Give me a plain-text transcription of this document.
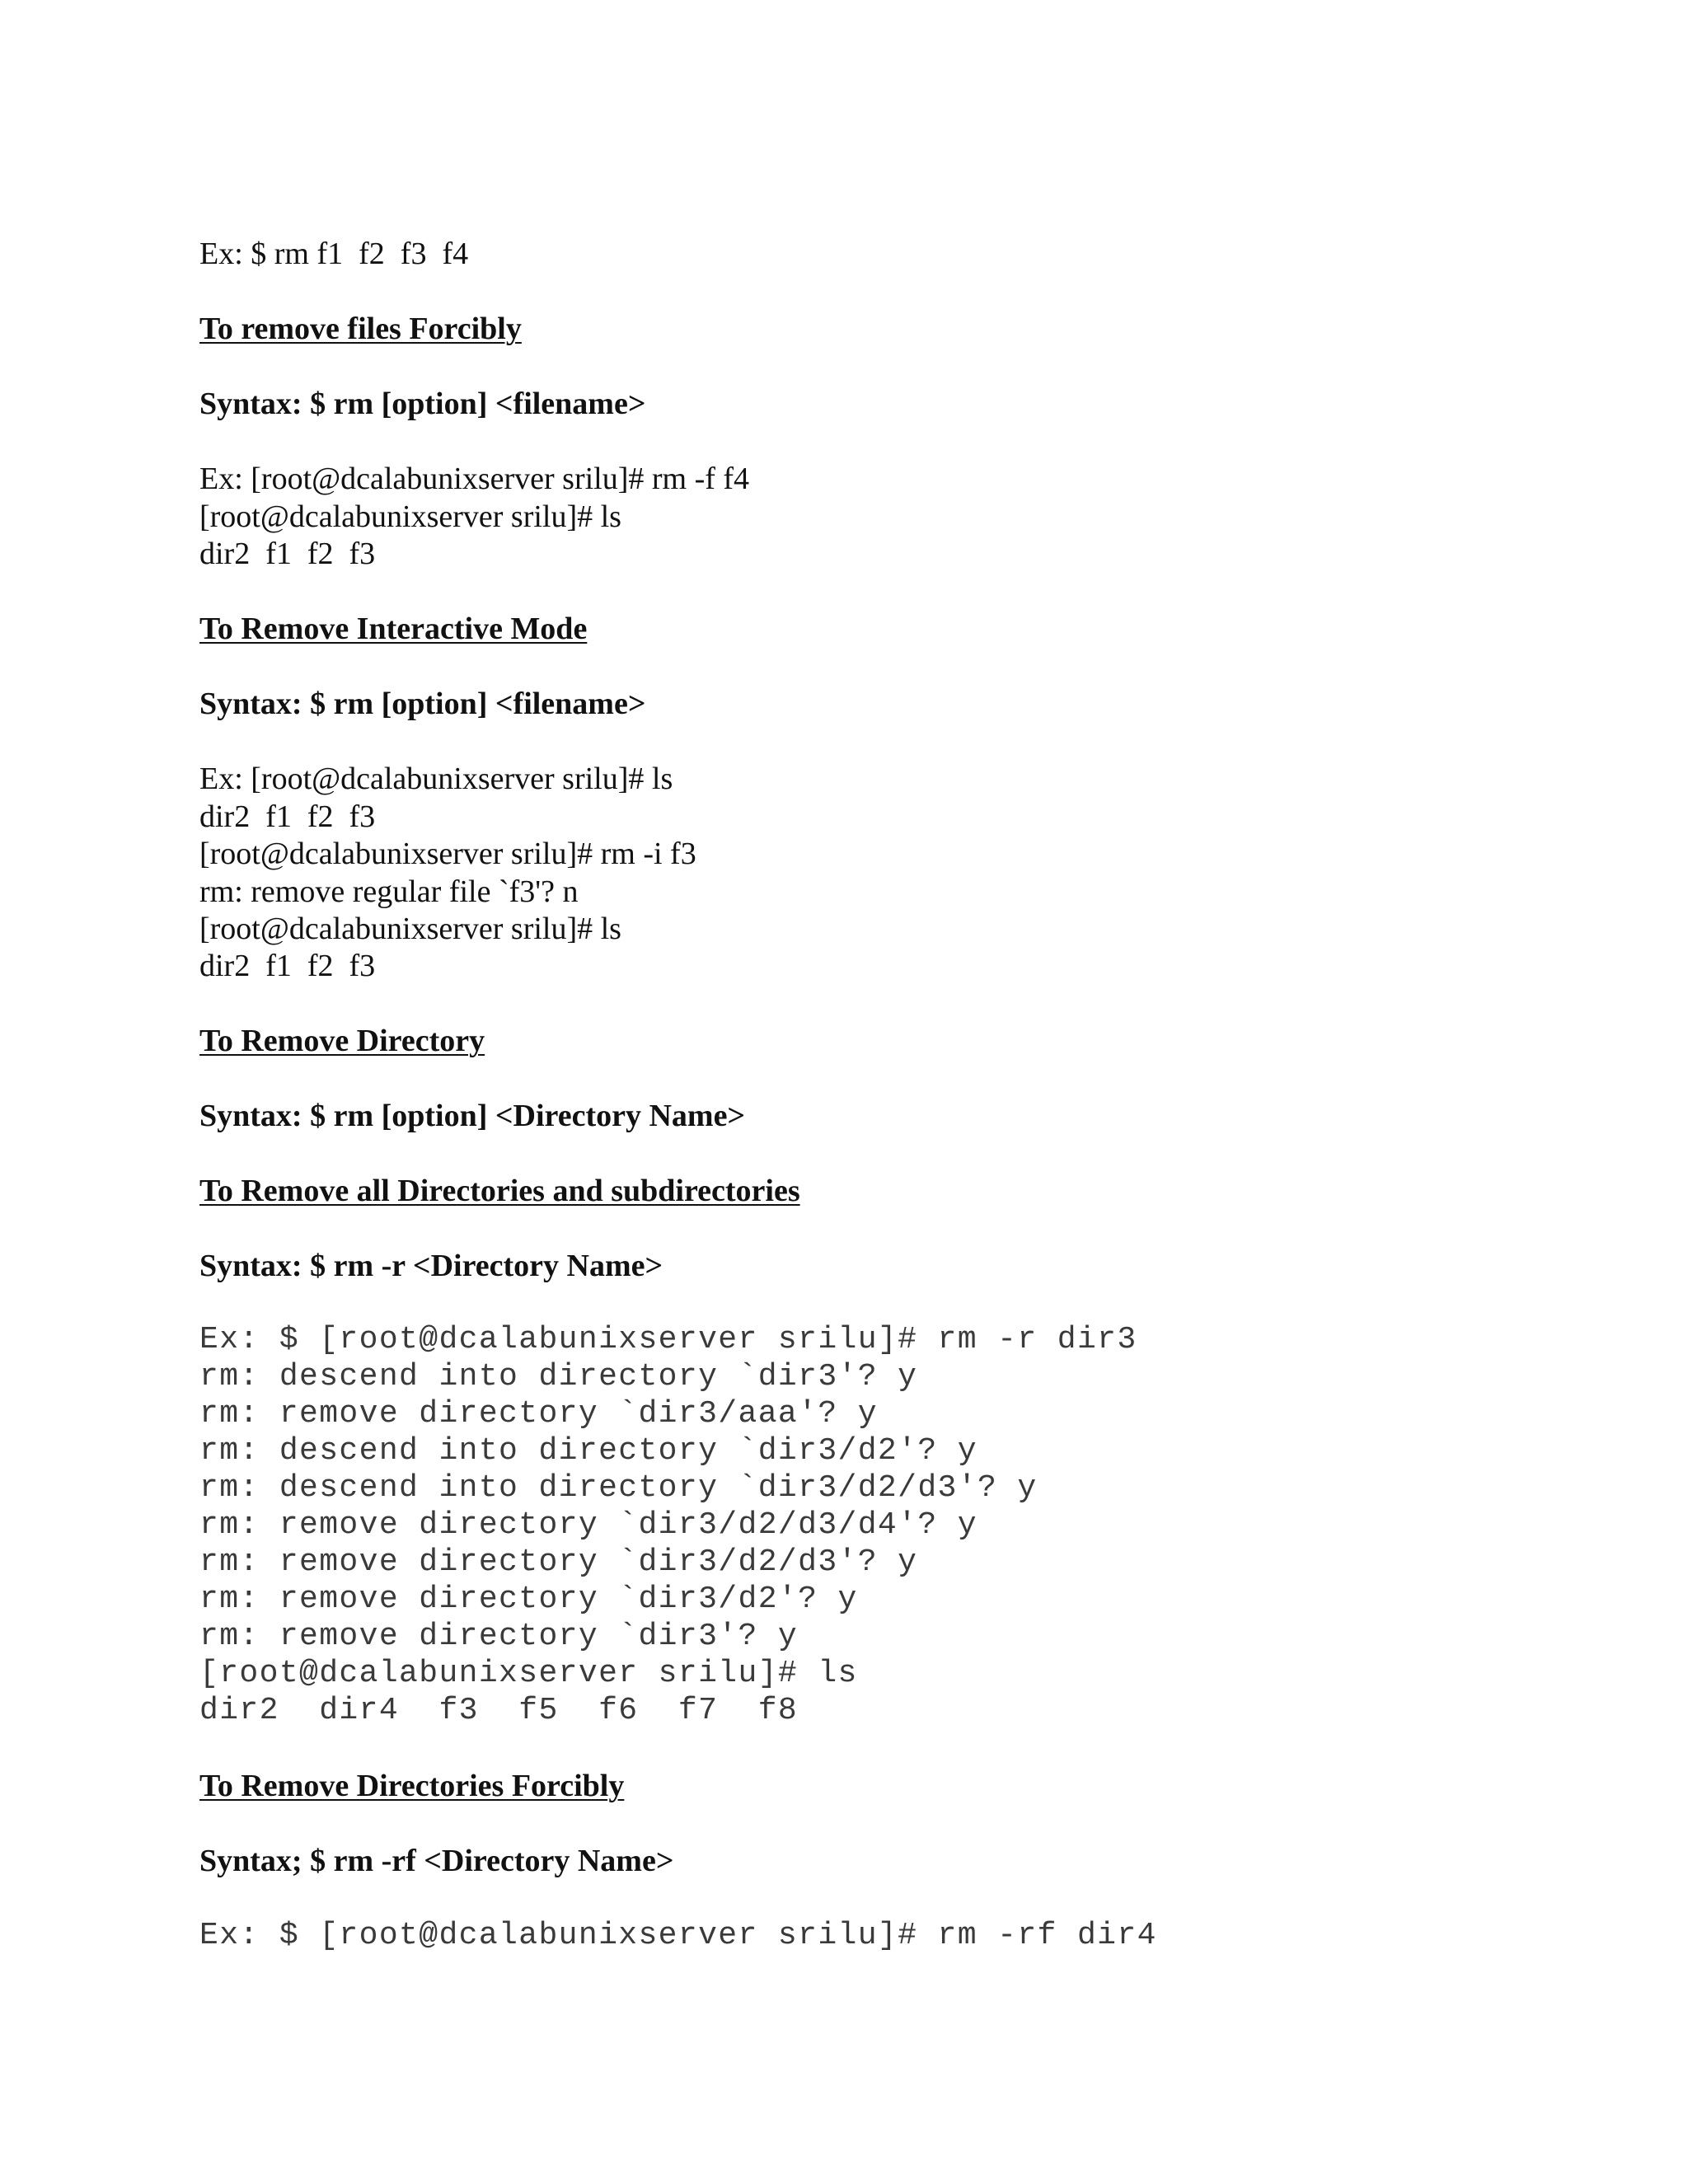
Ex: $ rm f1  f2  f3  f4
To remove files Forcibly
Syntax: $ rm [option] <filename>
Ex: [root@dcalabunixserver srilu]# rm -f f4
[root@dcalabunixserver srilu]# ls
dir2  f1  f2  f3
To Remove Interactive Mode
Syntax: $ rm [option] <filename>
Ex: [root@dcalabunixserver srilu]# ls
dir2  f1  f2  f3
[root@dcalabunixserver srilu]# rm -i f3
rm: remove regular file `f3'? n
[root@dcalabunixserver srilu]# ls
dir2  f1  f2  f3
To Remove Directory
Syntax: $ rm [option] <Directory Name>
To Remove all Directories and subdirectories
Syntax: $ rm -r <Directory Name>
Ex: $ [root@dcalabunixserver srilu]# rm -r dir3
rm: descend into directory `dir3'? y
rm: remove directory `dir3/aaa'? y
rm: descend into directory `dir3/d2'? y
rm: descend into directory `dir3/d2/d3'? y
rm: remove directory `dir3/d2/d3/d4'? y
rm: remove directory `dir3/d2/d3'? y
rm: remove directory `dir3/d2'? y
rm: remove directory `dir3'? y
[root@dcalabunixserver srilu]# ls
dir2  dir4  f3  f5  f6  f7  f8
To Remove Directories Forcibly
Syntax; $ rm -rf <Directory Name>
Ex: $ [root@dcalabunixserver srilu]# rm -rf dir4
